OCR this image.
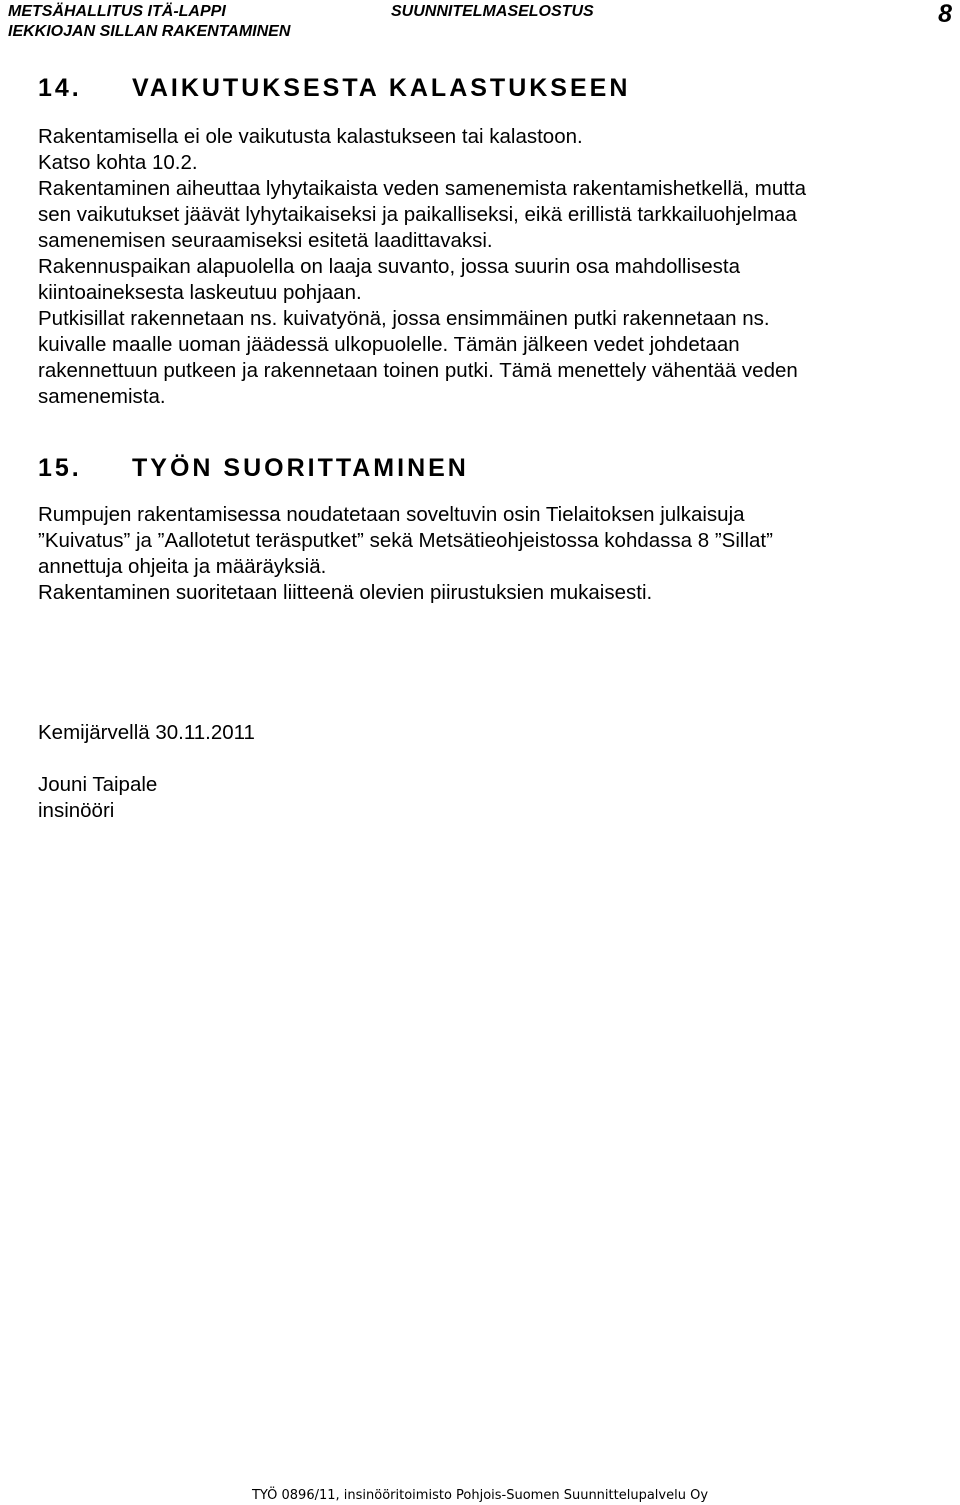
METSÄHALLITUS ITÄ-LAPPI
IEKKIOJAN SILLAN RAKENTAMINEN
SUUNNITELMASELOSTUS	8
14. VAIKUTUKSESTA KALASTUKSEEN

Rakentamisella ei ole vaikutusta kalastukseen tai kalastoon.

Katso kohta 10.2.

Rakentaminen aiheuttaa lyhytaikaista veden samenemista rakentamishetkellä, mutta

sen vaikutukset jäävät lyhytaikaiseksi ja paikalliseksi, eikä erillistä tarkkailuohjelmaa

samenemisen seuraamiseksi esitetä laadittavaksi.

Rakennuspaikan alapuolella on laaja suvanto, jossa suurin osa mahdollisesta

kiintoaineksesta laskeutuu pohjaan.

Putkisillat rakennetaan ns. kuivatyönä, jossa ensimmäinen putki rakennetaan ns.

kuivalle maalle uoman jäädessä ulkopuolelle. Tämän jälkeen vedet johdetaan

rakennettuun putkeen ja rakennetaan toinen putki. Tämä menettely vähentää veden

samenemista.

15. TYÖN SUORITTAMINEN

Rumpujen rakentamisessa noudatetaan soveltuvin osin Tielaitoksen julkaisuja

”Kuivatus” ja ”Aallotetut teräsputket” sekä Metsätieohjeistossa kohdassa 8 ”Sillat”

annettuja ohjeita ja määräyksiä.

Rakentaminen suoritetaan liitteenä olevien piirustuksien mukaisesti.

Kemijärvellä 30.11.2011

Jouni Taipale

insinööri

TYÖ 0896/11, insinööritoimisto Pohjois-Suomen Suunnittelupalvelu Oy
